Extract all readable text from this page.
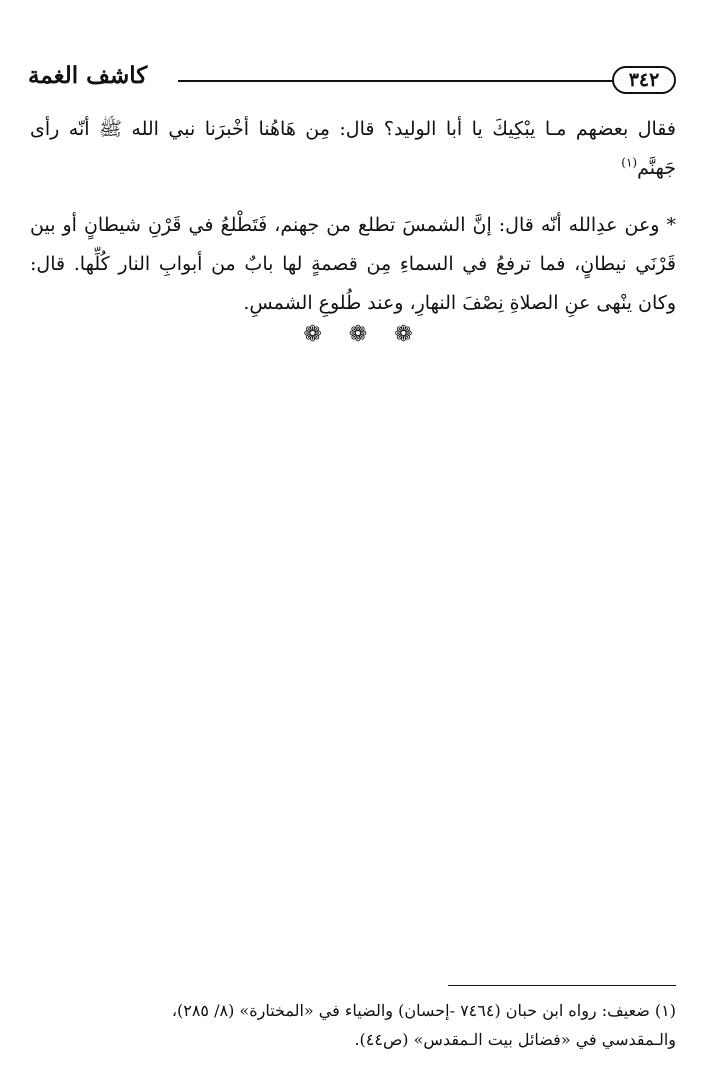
٣٤٢
كاشف الغمة

فقال بعضهم مـا يبْكِيكَ يا أبا الوليد؟ قال: مِن هَاهُنا أخْبرَنا نبي الله ﷺ أنّه رأى جَهنَّم$^{(١)}$

* وعن عدِالله أنّه قال: إنَّ الشمسَ تطلع من جهنم، فَتَطْلعُ في قَرْنِ شيطانٍ أو بين قَرْنَي نيطانٍ، فما ترفعُ في السماءِ مِن قصمةٍ لها بابٌ من أبوابِ النار كُلِّها. قال: وكان ينْهى عنِ الصلاةِ نِصْفَ النهارِ، وعند طُلوعِ الشمسِ.

❁ ❁ ❁

(١) ضعيف: رواه ابن حبان (٧٤٦٤ -إحسان) والضياء في «المختارة» (٨/ ٢٨٥)،

والـمقدسي في «فضائل بيت الـمقدس» (ص٤٤).
